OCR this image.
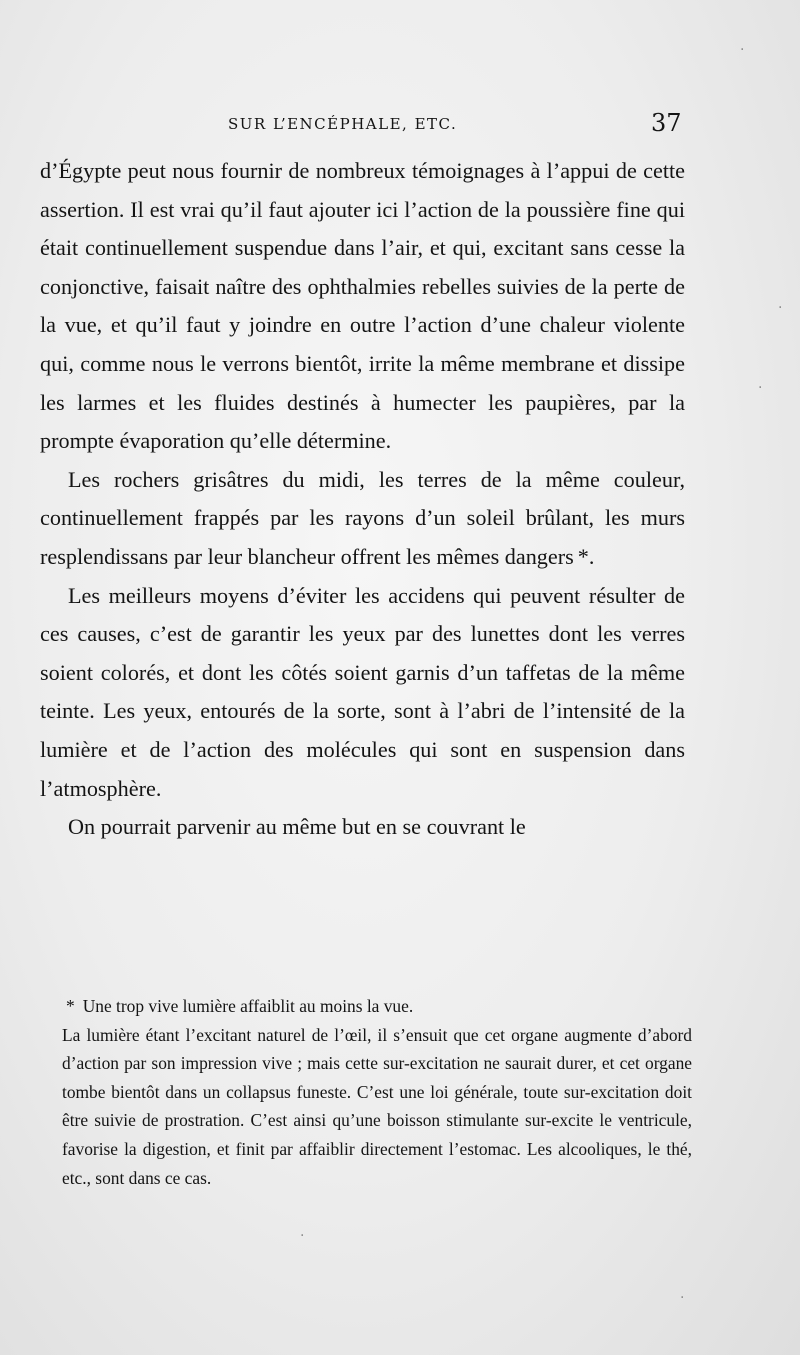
SUR L’ENCÉPHALE, ETC.	37

d’Égypte peut nous fournir de nombreux témoignages à l’appui de cette assertion. Il est vrai qu’il faut ajouter ici l’action de la poussière fine qui était continuellement suspendue dans l’air, et qui, excitant sans cesse la conjonctive, faisait naître des ophthalmies rebelles suivies de la perte de la vue, et qu’il faut y joindre en outre l’action d’une chaleur violente qui, comme nous le verrons bientôt, irrite la même membrane et dissipe les larmes et les fluides destinés à humecter les paupières, par la prompte évaporation qu’elle détermine.

Les rochers grisâtres du midi, les terres de la même couleur, continuellement frappés par les rayons d’un soleil brûlant, les murs resplendissans par leur blancheur offrent les mêmes dangers *.

Les meilleurs moyens d’éviter les accidens qui peuvent résulter de ces causes, c’est de garantir les yeux par des lunettes dont les verres soient colorés, et dont les côtés soient garnis d’un taffetas de la même teinte. Les yeux, entourés de la sorte, sont à l’abri de l’intensité de la lumière et de l’action des molécules qui sont en suspension dans l’atmosphère.

On pourrait parvenir au même but en se couvrant le

* Une trop vive lumière affaiblit au moins la vue.

La lumière étant l’excitant naturel de l’œil, il s’ensuit que cet organe augmente d’abord d’action par son impression vive ; mais cette sur-excitation ne saurait durer, et cet organe tombe bientôt dans un collapsus funeste. C’est une loi générale, toute sur-excitation doit être suivie de prostration. C’est ainsi qu’une boisson stimulante sur-excite le ventricule, favorise la digestion, et finit par affaiblir directement l’estomac. Les alcooliques, le thé, etc., sont dans ce cas.

·
·
·
·
·
